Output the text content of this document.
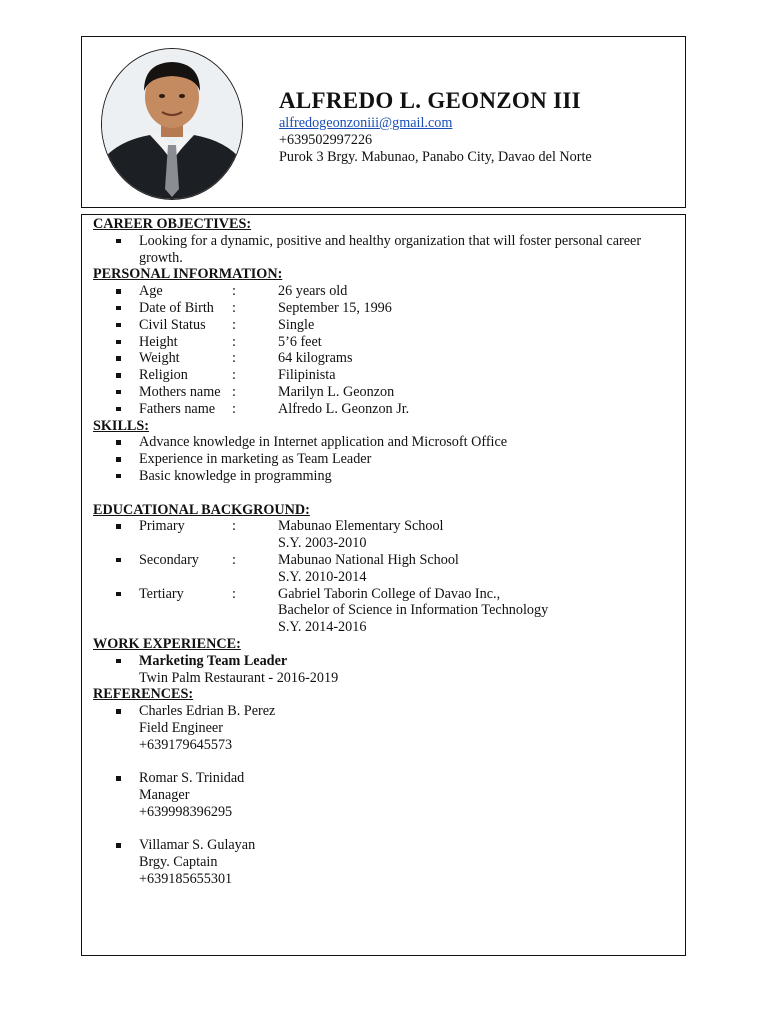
ALFREDO L. GEONZON III
alfredogeonzoniii@gmail.com
+639502997226
Purok 3 Brgy. Mabunao, Panabo City, Davao del Norte
CAREER OBJECTIVES:
Looking for a dynamic, positive and healthy organization that will foster personal career growth.
PERSONAL INFORMATION:
Age	:	26 years old
Date of Birth	:	September 15, 1996
Civil Status	:	Single
Height	:	5’6 feet
Weight	:	64 kilograms
Religion	:	Filipinista
Mothers name :	Marilyn L. Geonzon
Fathers name	:	Alfredo L. Geonzon Jr.
SKILLS:
Advance knowledge in Internet application and Microsoft Office
Experience in marketing as Team Leader
Basic knowledge in programming
EDUCATIONAL BACKGROUND:
Primary	:	Mabunao Elementary School
S.Y. 2003-2010
Secondary	:	Mabunao National High School
S.Y. 2010-2014
Tertiary	:	Gabriel Taborin College of Davao Inc.,
Bachelor of Science in Information Technology
S.Y. 2014-2016
WORK EXPERIENCE:
Marketing Team Leader
Twin Palm Restaurant - 2016-2019
REFERENCES:
Charles Edrian B. Perez
Field Engineer
+639179645573
Romar S. Trinidad
Manager
+639998396295
Villamar S. Gulayan
Brgy. Captain
+639185655301
